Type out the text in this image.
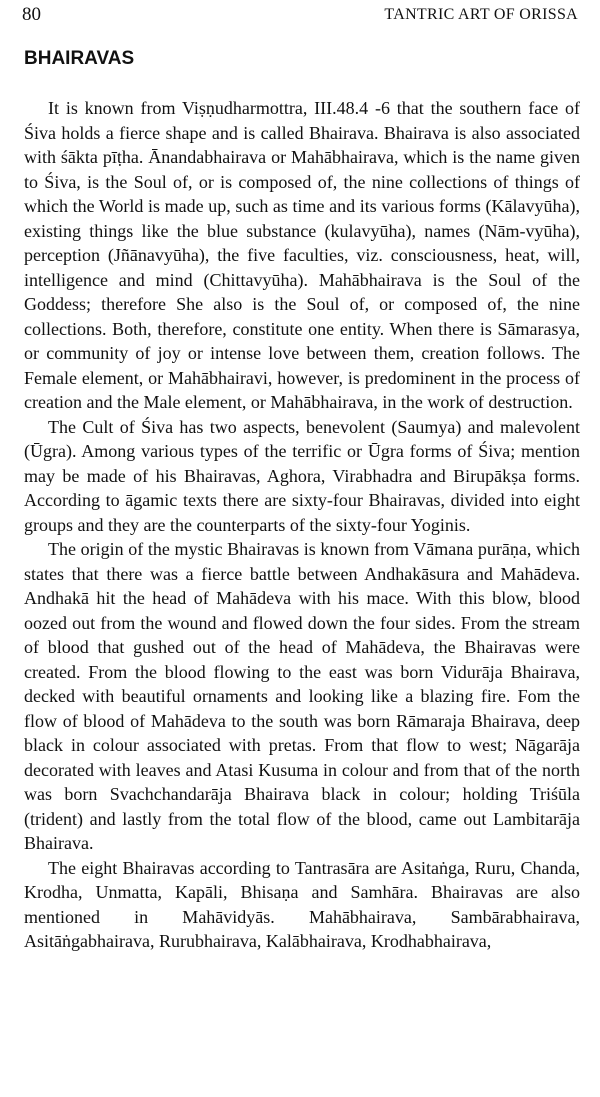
80	TANTRIC ART OF ORISSA
BHAIRAVAS

It is known from Viṣṇudharmottra, III.48.4 -6 that the southern face of Śiva holds a fierce shape and is called Bhairava. Bhairava is also associated with śākta pīṭha. Ānandabhairava or Mahābhairava, which is the name given to Śiva, is the Soul of, or is composed of, the nine collections of things of which the World is made up, such as time and its various forms (Kālavyūha), existing things like the blue substance (kulavyūha), names (Nām-vyūha), perception (Jñānavyūha), the five faculties, viz. consciousness, heat, will, intelligence and mind (Chittavyūha). Mahābhairava is the Soul of the Goddess; therefore She also is the Soul of, or composed of, the nine collections. Both, therefore, constitute one entity. When there is Sāmarasya, or community of joy or intense love between them, creation follows. The Female element, or Mahābhairavi, however, is predominent in the process of creation and the Male element, or Mahābhairava, in the work of destruction.

The Cult of Śiva has two aspects, benevolent (Saumya) and malevolent (Ūgra). Among various types of the terrific or Ūgra forms of Śiva; mention may be made of his Bhairavas, Aghora, Virabhadra and Birupākṣa forms. According to āgamic texts there are sixty-four Bhairavas, divided into eight groups and they are the counterparts of the sixty-four Yoginis.

The origin of the mystic Bhairavas is known from Vāmana purāṇa, which states that there was a fierce battle between Andhakāsura and Mahādeva. Andhakā hit the head of Mahādeva with his mace. With this blow, blood oozed out from the wound and flowed down the four sides. From the stream of blood that gushed out of the head of Mahādeva, the Bhairavas were created. From the blood flowing to the east was born Vidurāja Bhairava, decked with beautiful ornaments and looking like a blazing fire. Fom the flow of blood of Mahādeva to the south was born Rāmaraja Bhairava, deep black in colour associated with pretas. From that flow to west; Nāgarāja decorated with leaves and Atasi Kusuma in colour and from that of the north was born Svachchandarāja Bhairava black in colour; holding Triśūla (trident) and lastly from the total flow of the blood, came out Lambitarāja Bhairava.

The eight Bhairavas according to Tantrasāra are Asitaṅga, Ruru, Chanda, Krodha, Unmatta, Kapāli, Bhisaṇa and Samhāra. Bhairavas are also mentioned in Mahāvidyās. Mahābhairava, Sambārabhairava, Asitāṅgabhairava, Rurubhairava, Kalābhairava, Krodhabhairava,
